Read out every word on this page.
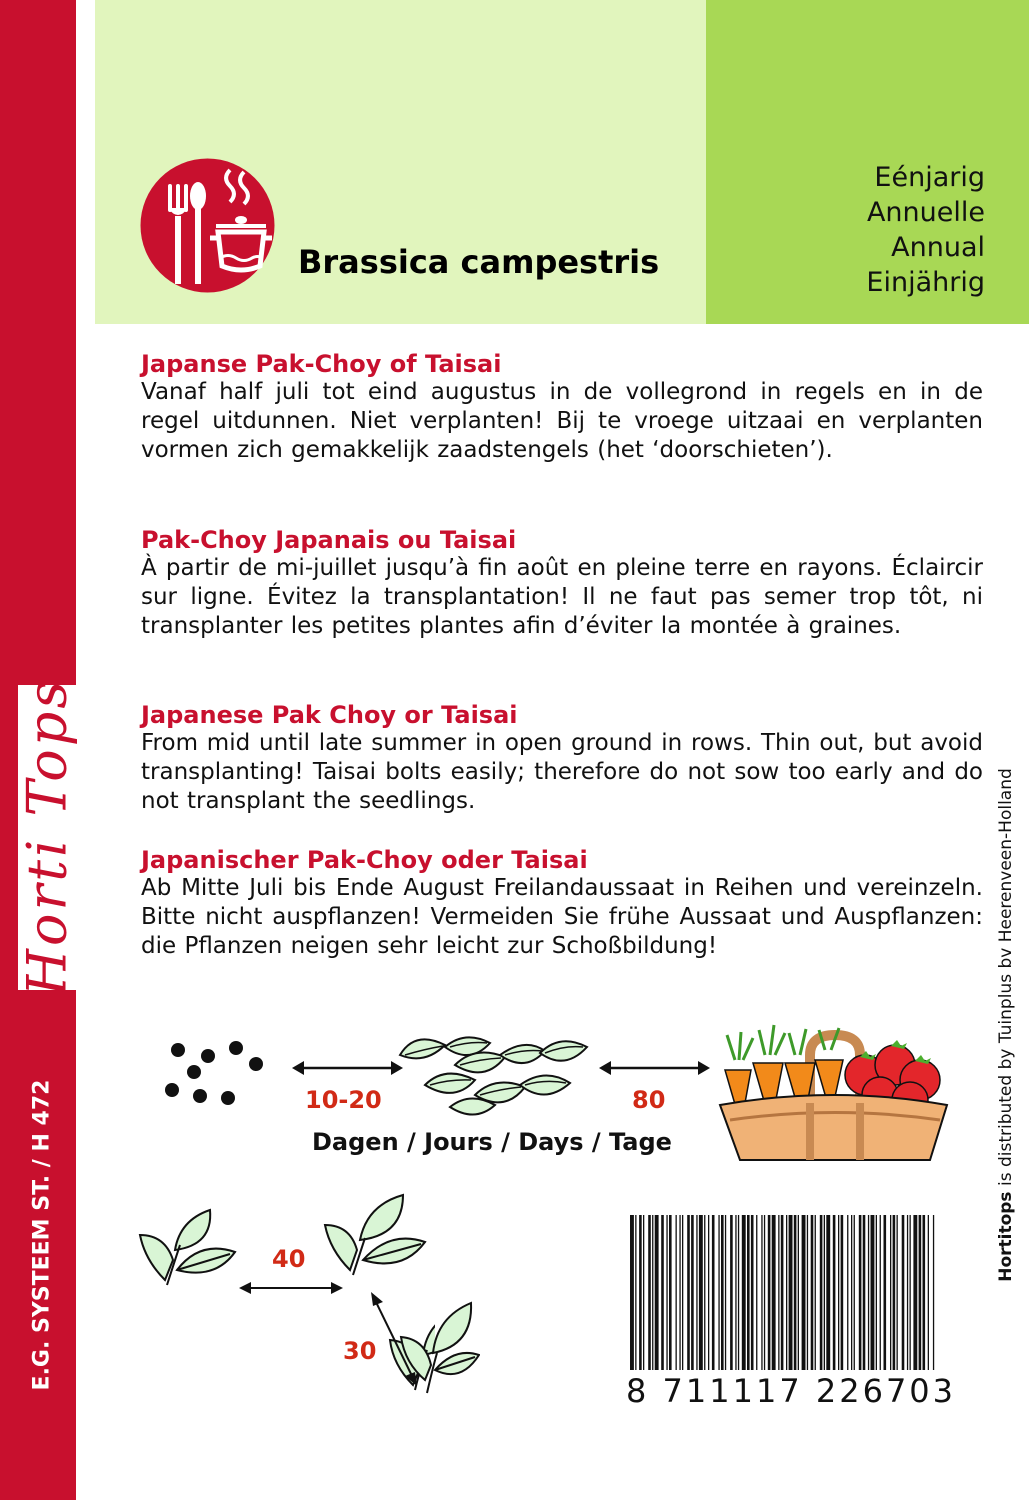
Horti Tops
E.G. SYSTEEM ST. / H 472
Brassica campestris
Eénjarig
Annuelle
Annual
Einjährig
Japanse Pak-Choy of Taisai

Vanaf half juli tot eind augustus in de vollegrond in regels en in de regel uitdunnen. Niet verplanten! Bij te vroege uitzaai en verplanten vormen zich gemakkelijk zaadstengels (het ‘doorschieten’).

Pak-Choy Japanais ou Taisai

À partir de mi-juillet jusqu’à fin août en pleine terre en rayons. Éclaircir sur ligne. Évitez la transplantation! Il ne faut pas semer trop tôt, ni transplanter les petites plantes afin d’éviter la montée à graines.

Japanese Pak Choy or Taisai

From mid until late summer in open ground in rows. Thin out, but avoid transplanting! Taisai bolts easily; therefore do not sow too early and do not transplant the seedlings.

Japanischer Pak-Choy oder Taisai

Ab Mitte Juli bis Ende August Freilandaussaat in Reihen und vereinzeln. Bitte nicht auspflanzen! Vermeiden Sie frühe Aussaat und Auspflanzen: die Pflanzen neigen sehr leicht zur Schoßbildung!

Hortitops is distributed by Tuinplus bv Heerenveen-Holland
10-20	80
Dagen / Jours / Days / Tage
40
30
8 711117 226703
